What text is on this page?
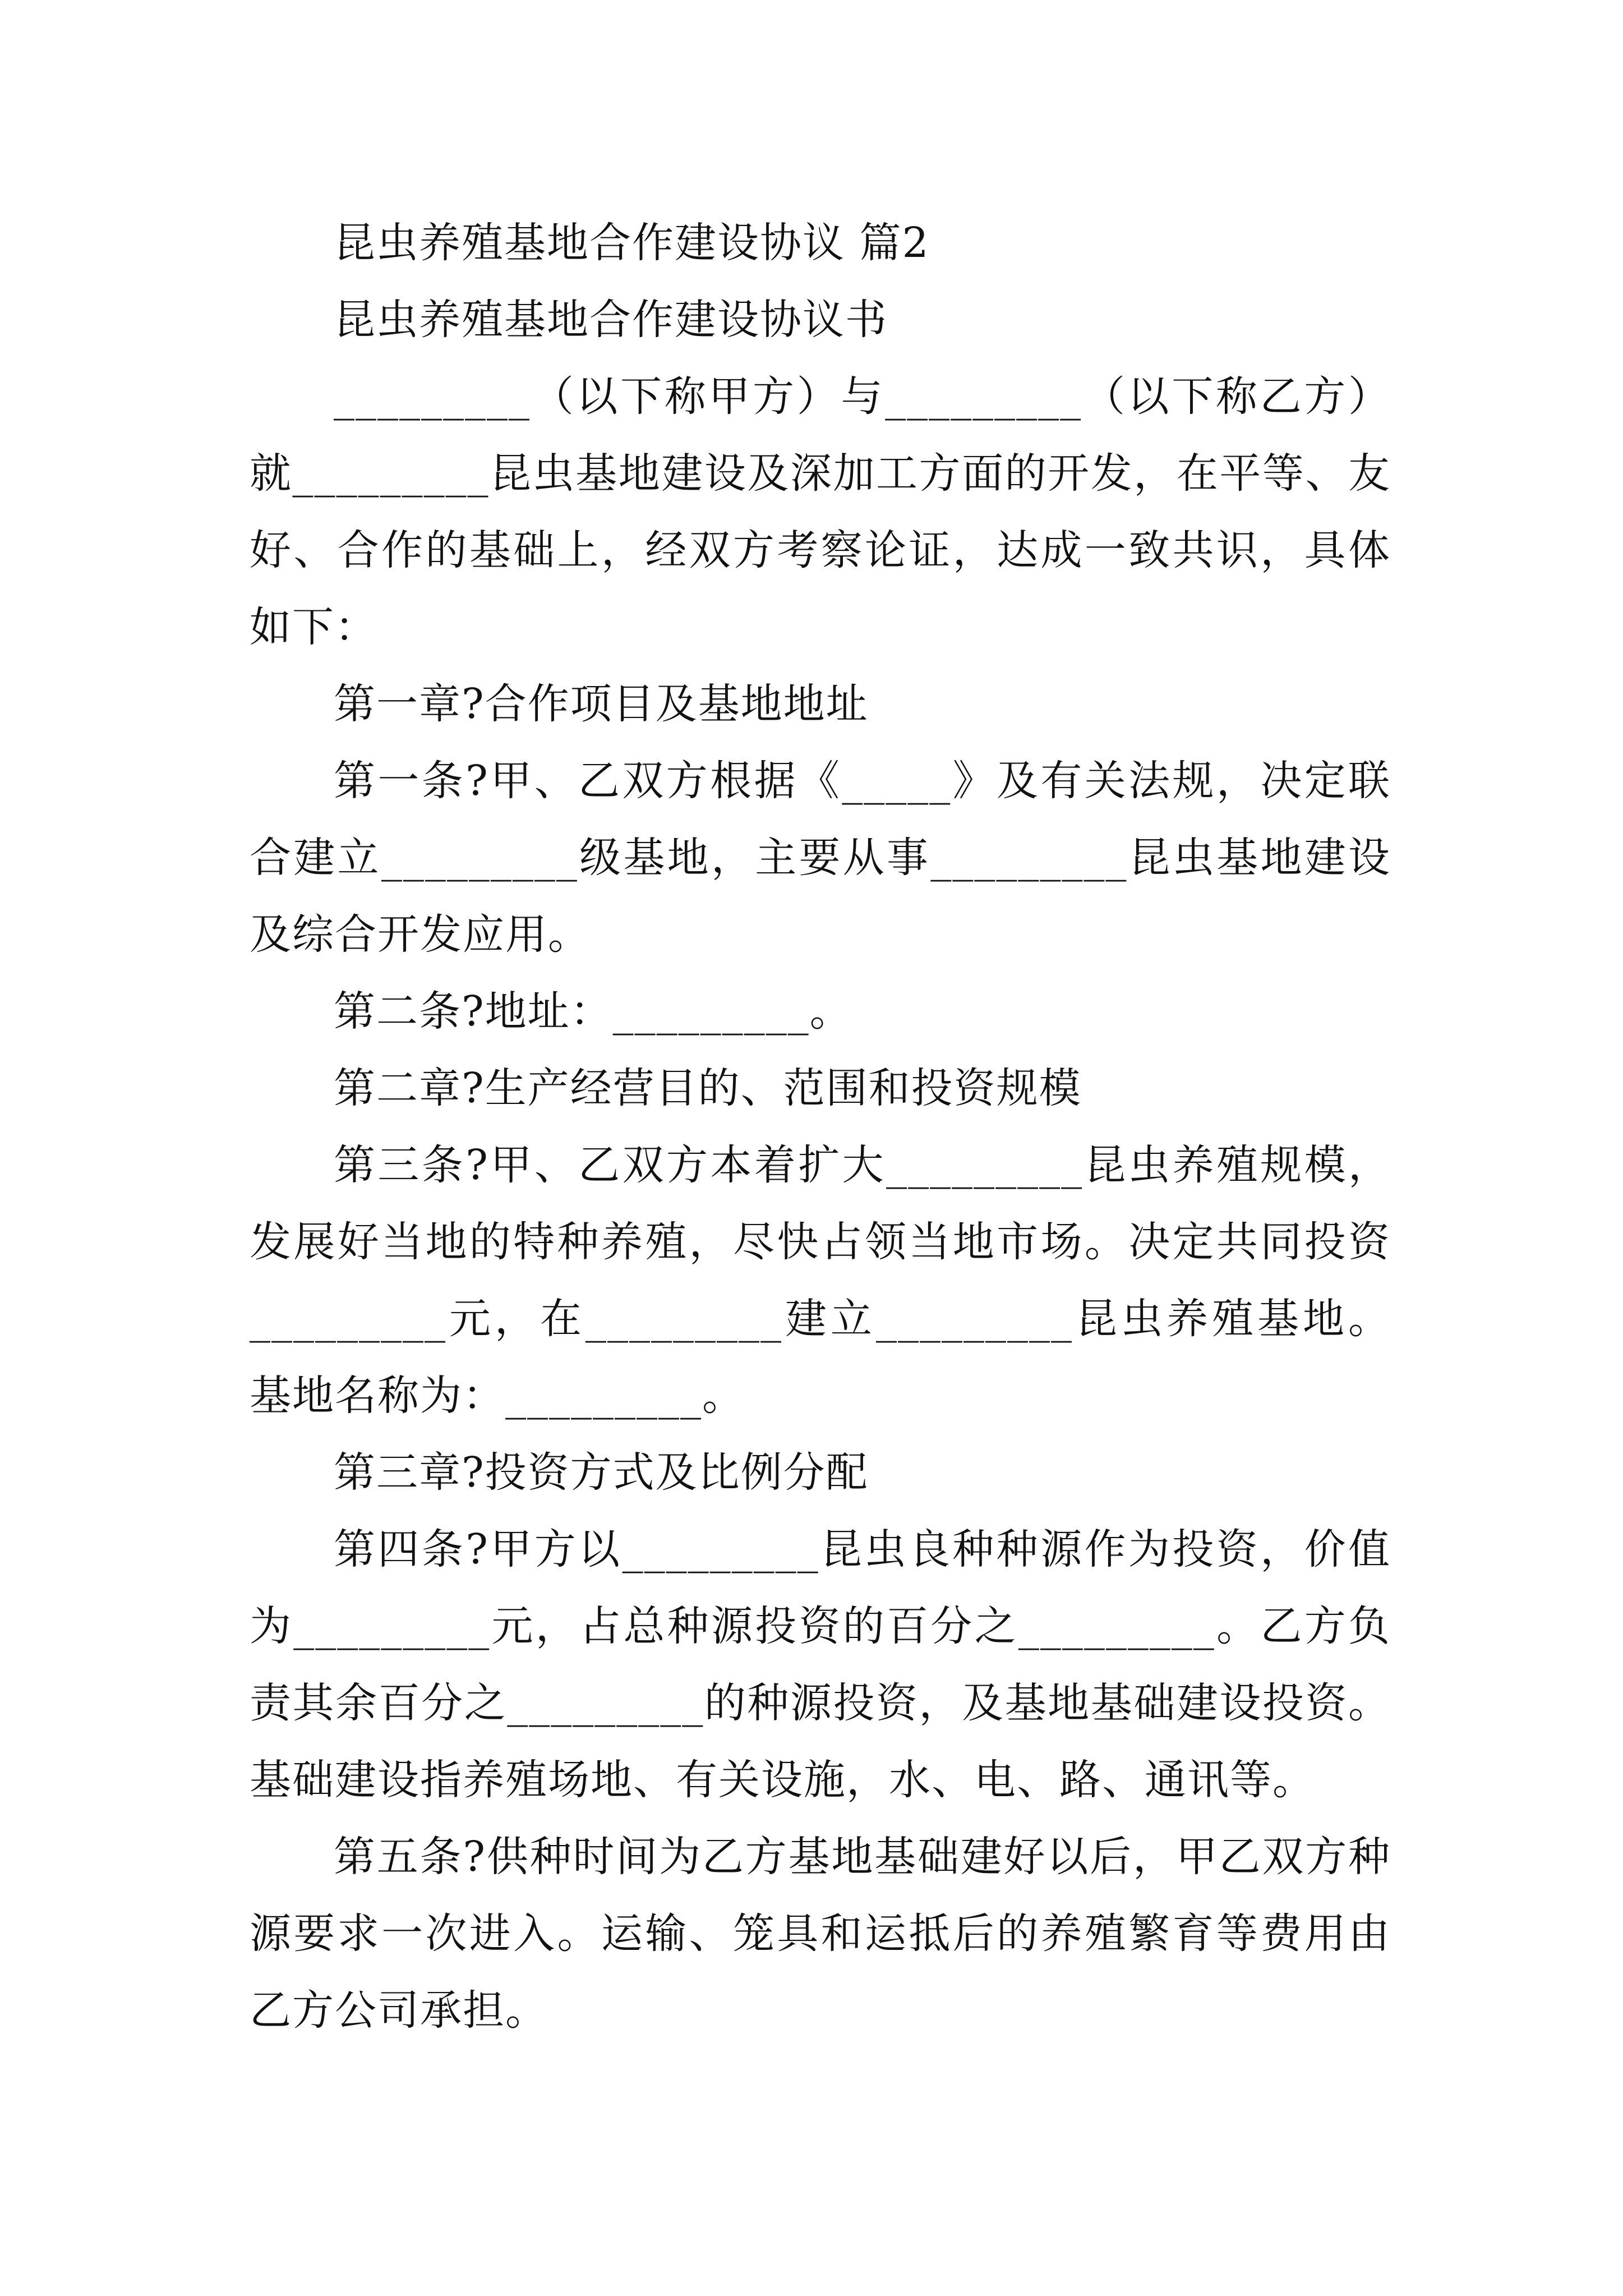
昆虫养殖基地合作建设协议 篇2

昆虫养殖基地合作建设协议书

_________（以下称甲方）与_________（以下称乙方）就_________昆虫基地建设及深加工方面的开发，在平等、友好、合作的基础上，经双方考察论证，达成一致共识，具体如下：

第一章?合作项目及基地地址

第一条?甲、乙双方根据《_____》及有关法规，决定联合建立_________级基地，主要从事_________昆虫基地建设及综合开发应用。

第二条?地址：_________。

第二章?生产经营目的、范围和投资规模

第三条?甲、乙双方本着扩大_________昆虫养殖规模，发展好当地的特种养殖，尽快占领当地市场。决定共同投资_________元，在_________建立_________昆虫养殖基地。基地名称为：_________。

第三章?投资方式及比例分配

第四条?甲方以_________昆虫良种种源作为投资，价值为_________元，占总种源投资的百分之_________。乙方负责其余百分之_________的种源投资，及基地基础建设投资。基础建设指养殖场地、有关设施，水、电、路、通讯等。

第五条?供种时间为乙方基地基础建好以后，甲乙双方种源要求一次进入。运输、笼具和运抵后的养殖繁育等费用由乙方公司承担。
